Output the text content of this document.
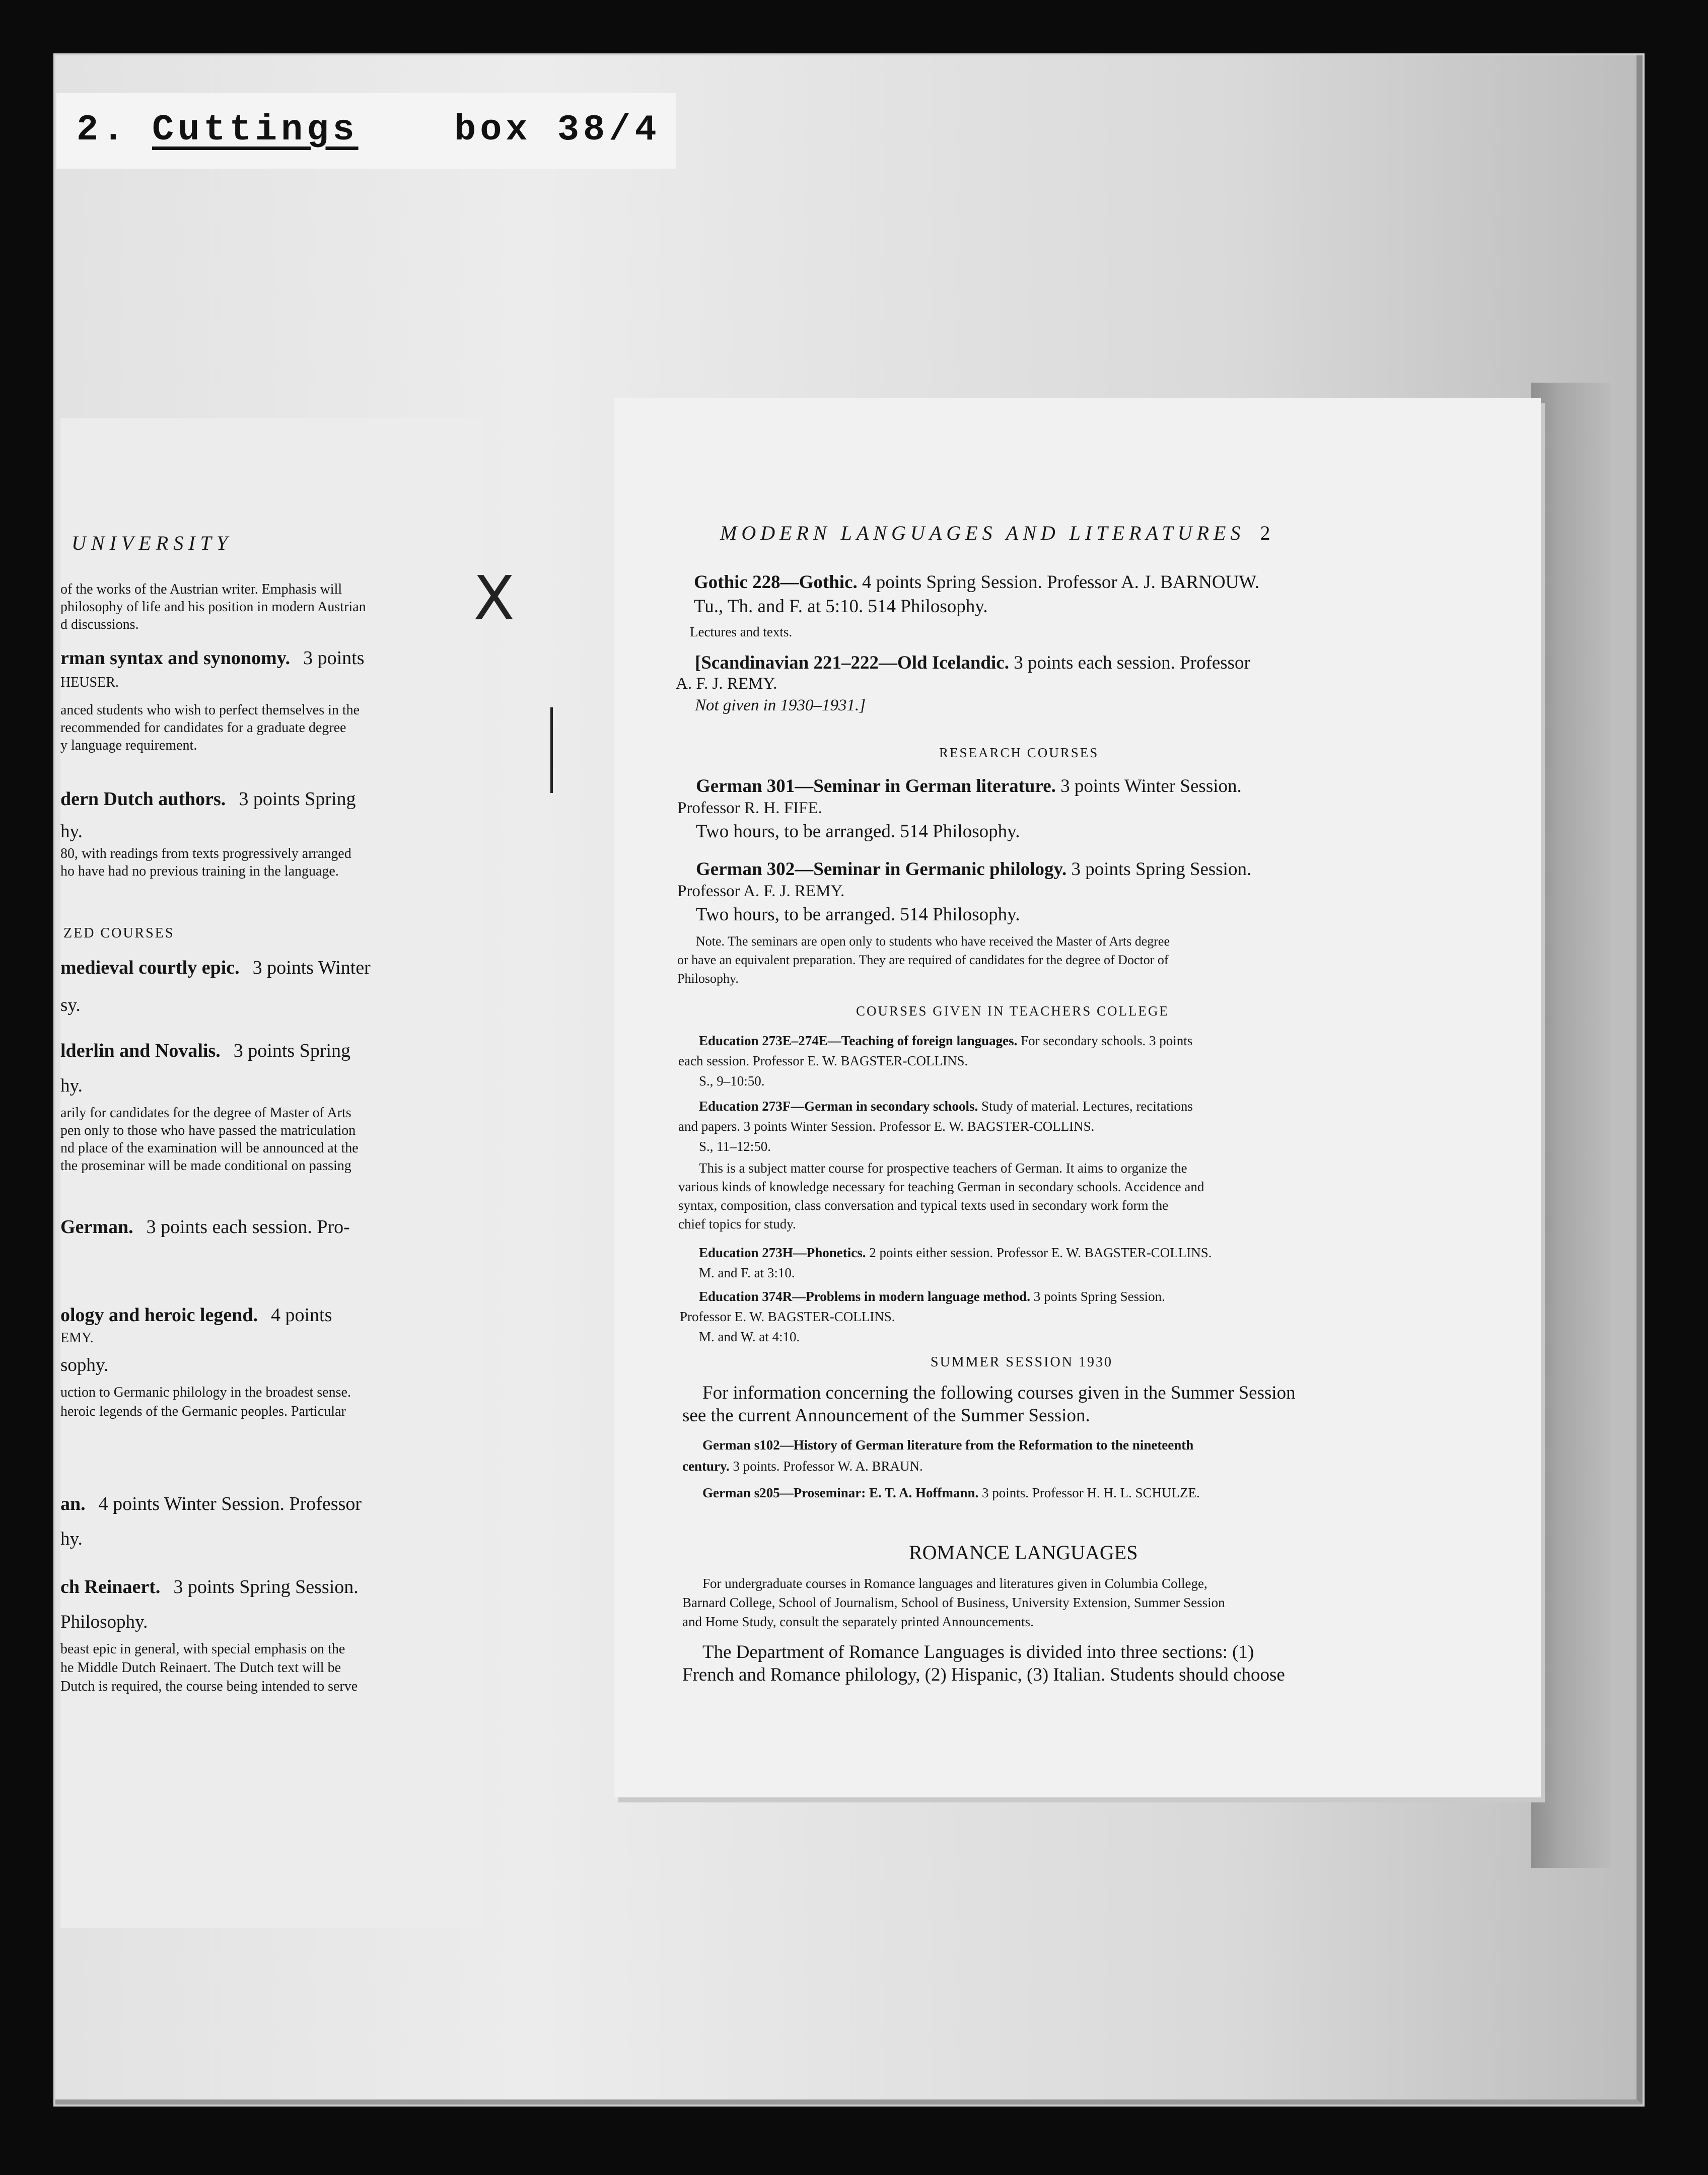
2. Cuttings	box 38/4
UNIVERSITY
of the works of the Austrian writer. Emphasis will
philosophy of life and his position in modern Austrian
d discussions.
rman syntax and synonomy. 3 points
HEUSER.
anced students who wish to perfect themselves in the
recommended for candidates for a graduate degree
y language requirement.
dern Dutch authors. 3 points Spring
hy.
80, with readings from texts progressively arranged
ho have had no previous training in the language.
medieval courtly epic. 3 points Winter
sy.
lderlin and Novalis. 3 points Spring
hy.
arily for candidates for the degree of Master of Arts
pen only to those who have passed the matriculation
nd place of the examination will be announced at the
the proseminar will be made conditional on passing
German. 3 points each session. Pro-
ology and heroic legend. 4 points
EMY.
sophy.
uction to Germanic philology in the broadest sense.
heroic legends of the Germanic peoples. Particular
an. 4 points Winter Session. Professor
hy.
ch Reinaert. 3 points Spring Session.
Philosophy.
beast epic in general, with special emphasis on the
he Middle Dutch Reinaert. The Dutch text will be
Dutch is required, the course being intended to serve
ZED COURSES
X
MODERN LANGUAGES AND LITERATURES 2
Gothic 228—Gothic. 4 points Spring Session. Professor A. J. BARNOUW.
Tu., Th. and F. at 5:10. 514 Philosophy.
Lectures and texts.
[Scandinavian 221–222—Old Icelandic. 3 points each session. Professor
A. F. J. REMY.
Not given in 1930–1931.]
RESEARCH COURSES
German 301—Seminar in German literature. 3 points Winter Session.
Professor R. H. FIFE.
Two hours, to be arranged. 514 Philosophy.
German 302—Seminar in Germanic philology. 3 points Spring Session.
Professor A. F. J. REMY.
Two hours, to be arranged. 514 Philosophy.
Note. The seminars are open only to students who have received the Master of Arts degree
or have an equivalent preparation. They are required of candidates for the degree of Doctor of
Philosophy.
COURSES GIVEN IN TEACHERS COLLEGE
Education 273E–274E—Teaching of foreign languages. For secondary schools. 3 points
each session. Professor E. W. BAGSTER-COLLINS.
S., 9–10:50.
Education 273F—German in secondary schools. Study of material. Lectures, recitations
and papers. 3 points Winter Session. Professor E. W. BAGSTER-COLLINS.
S., 11–12:50.
This is a subject matter course for prospective teachers of German. It aims to organize the
various kinds of knowledge necessary for teaching German in secondary schools. Accidence and
syntax, composition, class conversation and typical texts used in secondary work form the
chief topics for study.
Education 273H—Phonetics. 2 points either session. Professor E. W. BAGSTER-COLLINS.
M. and F. at 3:10.
Education 374R—Problems in modern language method. 3 points Spring Session.
Professor E. W. BAGSTER-COLLINS.
M. and W. at 4:10.
SUMMER SESSION 1930
For information concerning the following courses given in the Summer Session
see the current Announcement of the Summer Session.
German s102—History of German literature from the Reformation to the nineteenth
century. 3 points. Professor W. A. BRAUN.
German s205—Proseminar: E. T. A. Hoffmann. 3 points. Professor H. H. L. SCHULZE.
ROMANCE LANGUAGES
For undergraduate courses in Romance languages and literatures given in Columbia College,
Barnard College, School of Journalism, School of Business, University Extension, Summer Session
and Home Study, consult the separately printed Announcements.
The Department of Romance Languages is divided into three sections: (1)
French and Romance philology, (2) Hispanic, (3) Italian. Students should choose
